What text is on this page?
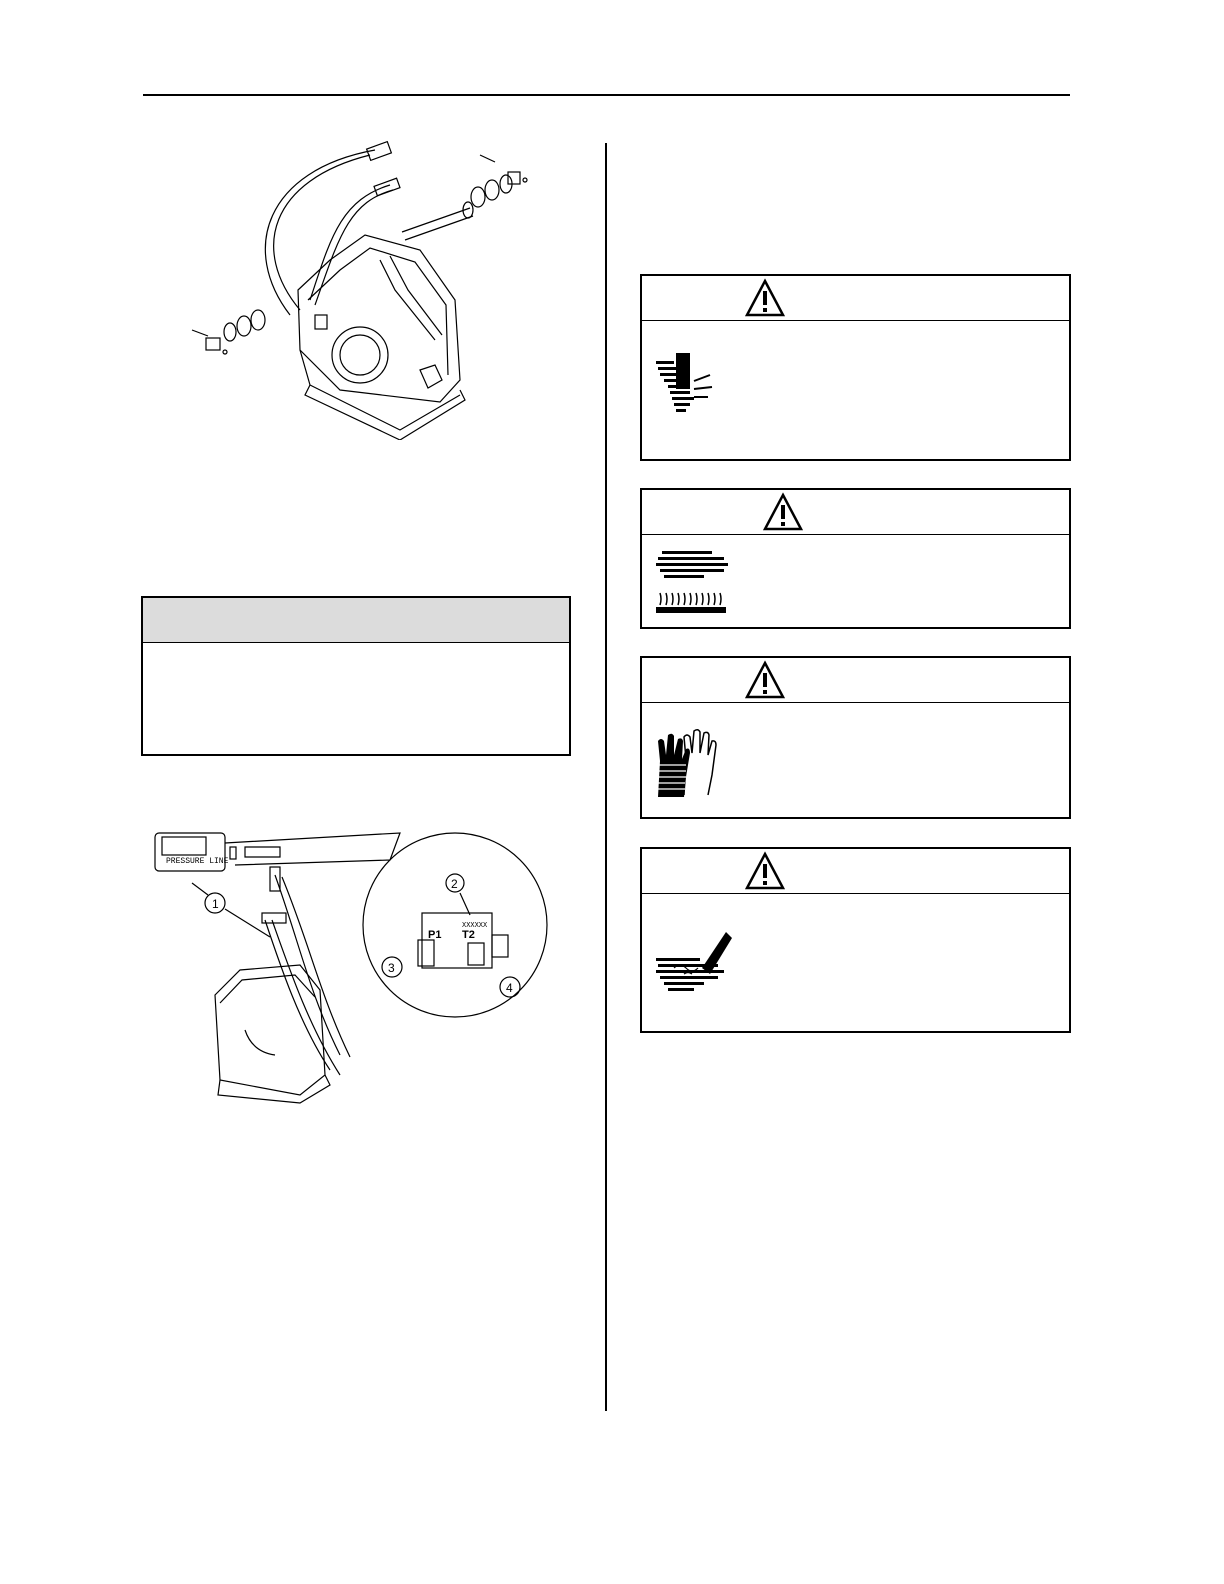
PRESSURE LINE
1
2
3
4
P1 T2
XXXXXX
